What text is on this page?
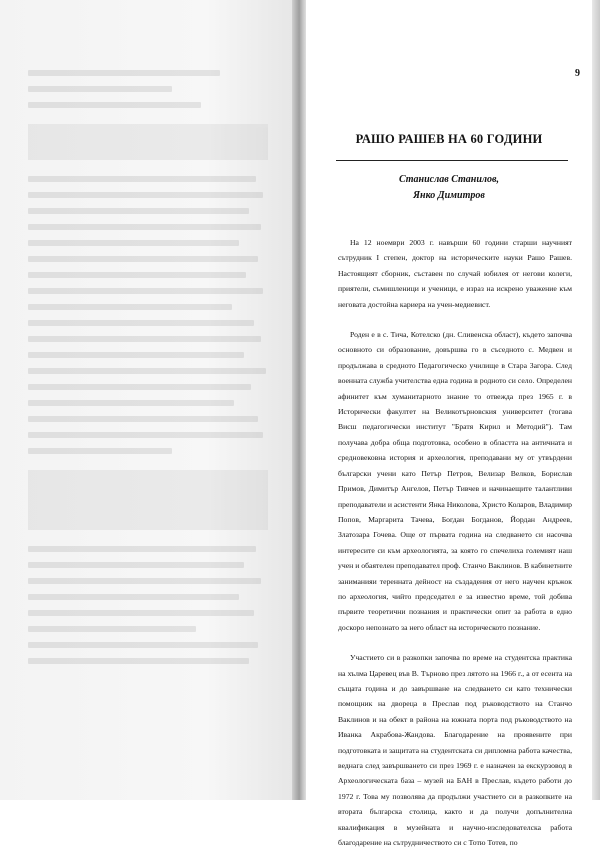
9
РАШО РАШЕВ НА 60 ГОДИНИ
Станислав Станилов,
Янко Димитров

На 12 ноември 2003 г. навърши 60 години старши научният сътрудник I степен, доктор на историческите науки Рашо Рашев. Настоящият сборник, съставен по случай юбилея от негови колеги, приятели, съмишленици и ученици, е израз на искрено уважение към неговата достойна кариера на учен-медиевист.

Роден е в с. Тича, Котелско (дн. Сливенска област), където започва основното си образование, довършва го в съседното с. Медвен и продължава в средното Педагогическо училище в Стара Загора. След военната служба учителства една година в родното си село. Определен афинитет към хуманитарното знание то отвежда през 1965 г. в Исторически факултет на Великотърновския университет (тогава Висш педагогически институт "Братя Кирил и Методий"). Там получава добра обща подготовка, особено в областта на античната и средновековна история и археология, преподавани му от утвърдени български учени като Петър Петров, Велизар Велков, Борислав Примов, Димитър Ангелов, Петър Тивчев и начинаещите талантливи преподаватели и асистенти Янка Николова, Христо Коларов, Владимир Попов, Маргарита Тачева, Богдан Богданов, Йордан Андреев, Златозара Гочева. Още от първата година на следването си насочва интересите си към археологията, за която го спечелиха големият наш учен и обаятелен преподавател проф. Станчо Ваклинов. В кабинетните заниманияи теренната дейност на създадения от него научен кръжок по археология, чийто председател е за известно време, той добива първите теоретични познания и практически опит за работа в едно доскоро непознато за него област на историческото познание.

Участието си в разкопки започва по време на студентска практика на хълма Царевец във В. Търново през лятото на 1966 г., а от есента на същата година и до завършване на следването си като технически помощник на дворeца в Преслав под ръководството на Станчо Ваклинов и на обект в района на южната порта под ръководството на Иванка Акрабова-Жандова. Благодарение на проявените при подготовката и защитата на студентската си дипломна работа качества, веднага след завършването си през 1969 г. е назначен за екскурзовод в Археологическата база – музей на БАН в Преслав, където работи до 1972 г. Това му позволява да продължи участието си в разкопките на втората българска столица, както и да получи допълнителна квалификация в музейната и научно-изследователска работа благодарение на сътрудничеството си с Тотю Тотев, по
